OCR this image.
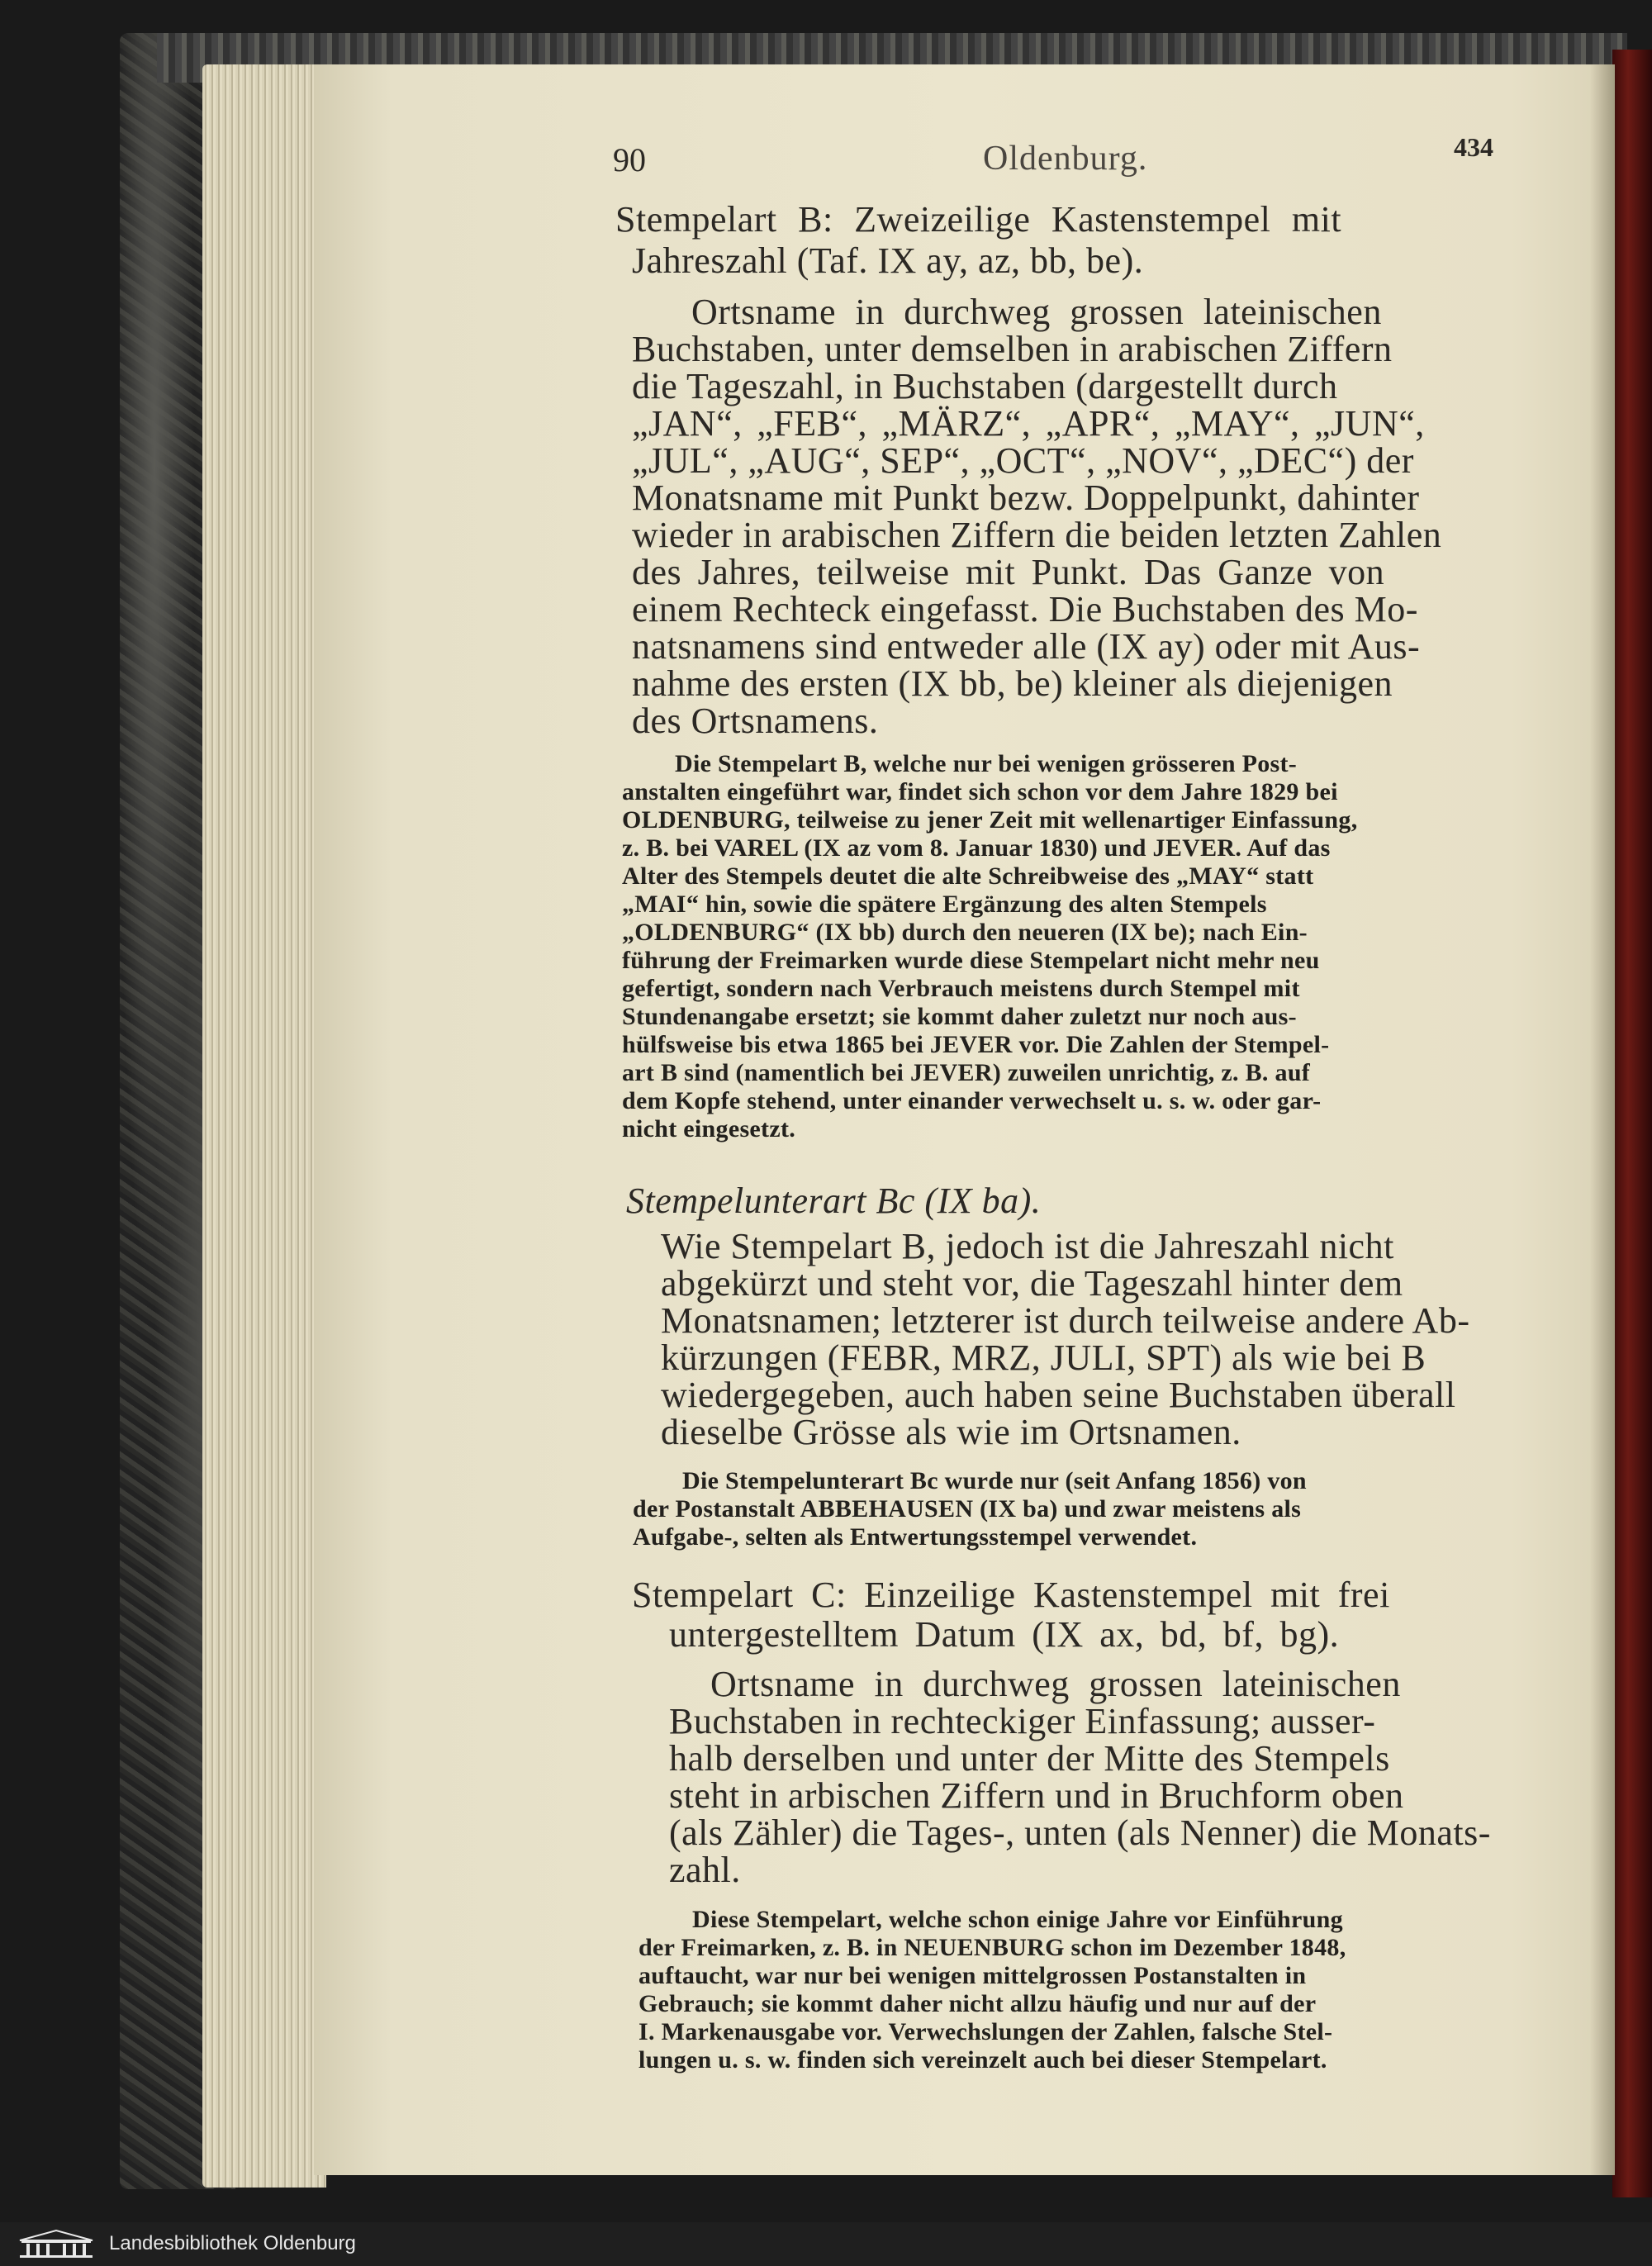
90	Oldenburg.	434
Stempelart B: Zweizeilige Kastenstempel mit
Jahreszahl (Taf. IX ay, az, bb, be).
Ortsname in durchweg grossen lateinischen
Buchstaben, unter demselben in arabischen Ziffern
die Tageszahl, in Buchstaben (dargestellt durch
„JAN“, „FEB“, „MÄRZ“, „APR“, „MAY“, „JUN“,
„JUL“, „AUG“, SEP“, „OCT“, „NOV“, „DEC“) der
Monatsname mit Punkt bezw. Doppelpunkt, dahinter
wieder in arabischen Ziffern die beiden letzten Zahlen
des Jahres, teilweise mit Punkt. Das Ganze von
einem Rechteck eingefasst. Die Buchstaben des Mo-
natsnamens sind entweder alle (IX ay) oder mit Aus-
nahme des ersten (IX bb, be) kleiner als diejenigen
des Ortsnamens.
Die Stempelart B, welche nur bei wenigen grösseren Post-
anstalten eingeführt war, findet sich schon vor dem Jahre 1829 bei
OLDENBURG, teilweise zu jener Zeit mit wellenartiger Einfassung,
z. B. bei VAREL (IX az vom 8. Januar 1830) und JEVER. Auf das
Alter des Stempels deutet die alte Schreibweise des „MAY“ statt
„MAI“ hin, sowie die spätere Ergänzung des alten Stempels
„OLDENBURG“ (IX bb) durch den neueren (IX be); nach Ein-
führung der Freimarken wurde diese Stempelart nicht mehr neu
gefertigt, sondern nach Verbrauch meistens durch Stempel mit
Stundenangabe ersetzt; sie kommt daher zuletzt nur noch aus-
hülfsweise bis etwa 1865 bei JEVER vor. Die Zahlen der Stempel-
art B sind (namentlich bei JEVER) zuweilen unrichtig, z. B. auf
dem Kopfe stehend, unter einander verwechselt u. s. w. oder gar-
nicht eingesetzt.
Stempelunterart Bc (IX ba).
Wie Stempelart B, jedoch ist die Jahreszahl nicht
abgekürzt und steht vor, die Tageszahl hinter dem
Monatsnamen; letzterer ist durch teilweise andere Ab-
kürzungen (FEBR, MRZ, JULI, SPT) als wie bei B
wiedergegeben, auch haben seine Buchstaben überall
dieselbe Grösse als wie im Ortsnamen.
Die Stempelunterart Bc wurde nur (seit Anfang 1856) von
der Postanstalt ABBEHAUSEN (IX ba) und zwar meistens als
Aufgabe-, selten als Entwertungsstempel verwendet.
Stempelart C: Einzeilige Kastenstempel mit frei
untergestelltem Datum (IX ax, bd, bf, bg).
Ortsname in durchweg grossen lateinischen
Buchstaben in rechteckiger Einfassung; ausser-
halb derselben und unter der Mitte des Stempels
steht in arbischen Ziffern und in Bruchform oben
(als Zähler) die Tages-, unten (als Nenner) die Monats-
zahl.
Diese Stempelart, welche schon einige Jahre vor Einführung
der Freimarken, z. B. in NEUENBURG schon im Dezember 1848,
auftaucht, war nur bei wenigen mittelgrossen Postanstalten in
Gebrauch; sie kommt daher nicht allzu häufig und nur auf der
I. Markenausgabe vor. Verwechslungen der Zahlen, falsche Stel-
lungen u. s. w. finden sich vereinzelt auch bei dieser Stempelart.
Landesbibliothek Oldenburg
